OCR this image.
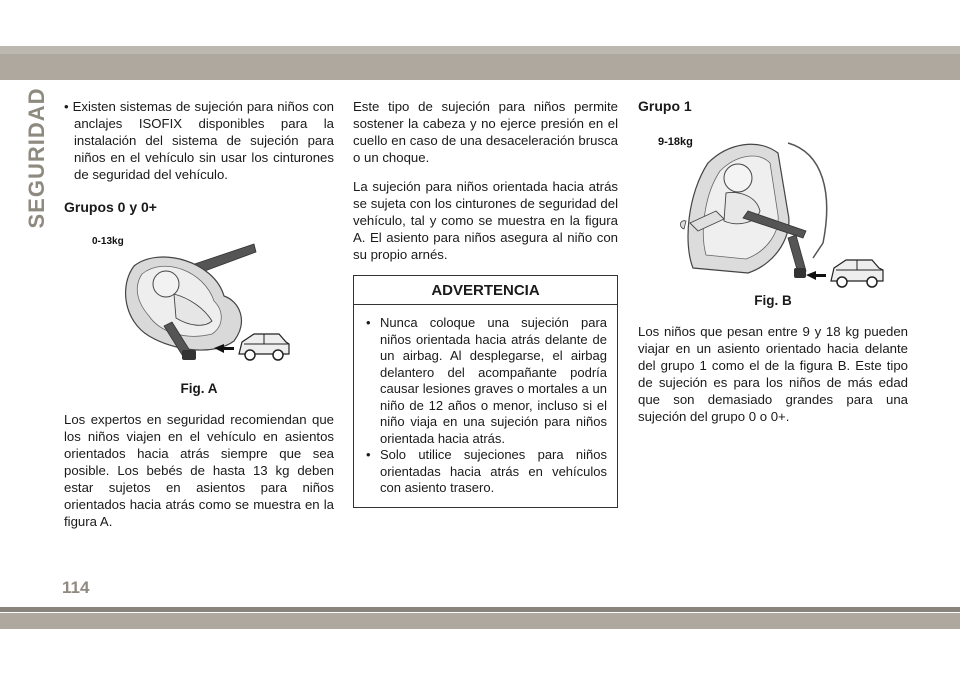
SEGURIDAD • Existen sistemas de sujeción para niños con anclajes ISOFIX disponibles para la instalación del sistema de sujeción para niños en el vehículo sin usar los cinturones de seguridad del vehículo.

Grupos 0 y 0+
0-13kg
Fig. A

Los expertos en seguridad recomiendan que los niños viajen en el vehículo en asientos orientados hacia atrás siempre que sea posible. Los bebés de hasta 13 kg deben estar sujetos en asientos para niños orientados hacia atrás como se muestra en la figura A.

Este tipo de sujeción para niños permite sostener la cabeza y no ejerce presión en el cuello en caso de una desaceleración brusca o un choque.

La sujeción para niños orientada hacia atrás se sujeta con los cinturones de seguridad del vehículo, tal y como se muestra en la figura A. El asiento para niños asegura al niño con su propio arnés.

ADVERTENCIA
• Nunca coloque una sujeción para niños orientada hacia atrás delante de un airbag. Al desplegarse, el airbag delantero del acompañante podría causar lesiones graves o mortales a un niño de 12 años o menor, incluso si el niño viaja en una sujeción para niños orientada hacia atrás.
• Solo utilice sujeciones para niños orientadas hacia atrás en vehículos con asiento trasero.
Grupo 1
9-18kg
Fig. B

Los niños que pesan entre 9 y 18 kg pueden viajar en un asiento orientado hacia delante del grupo 1 como el de la figura B. Este tipo de sujeción es para los niños de más edad que son demasiado grandes para una sujeción del grupo 0 o 0+.

114
